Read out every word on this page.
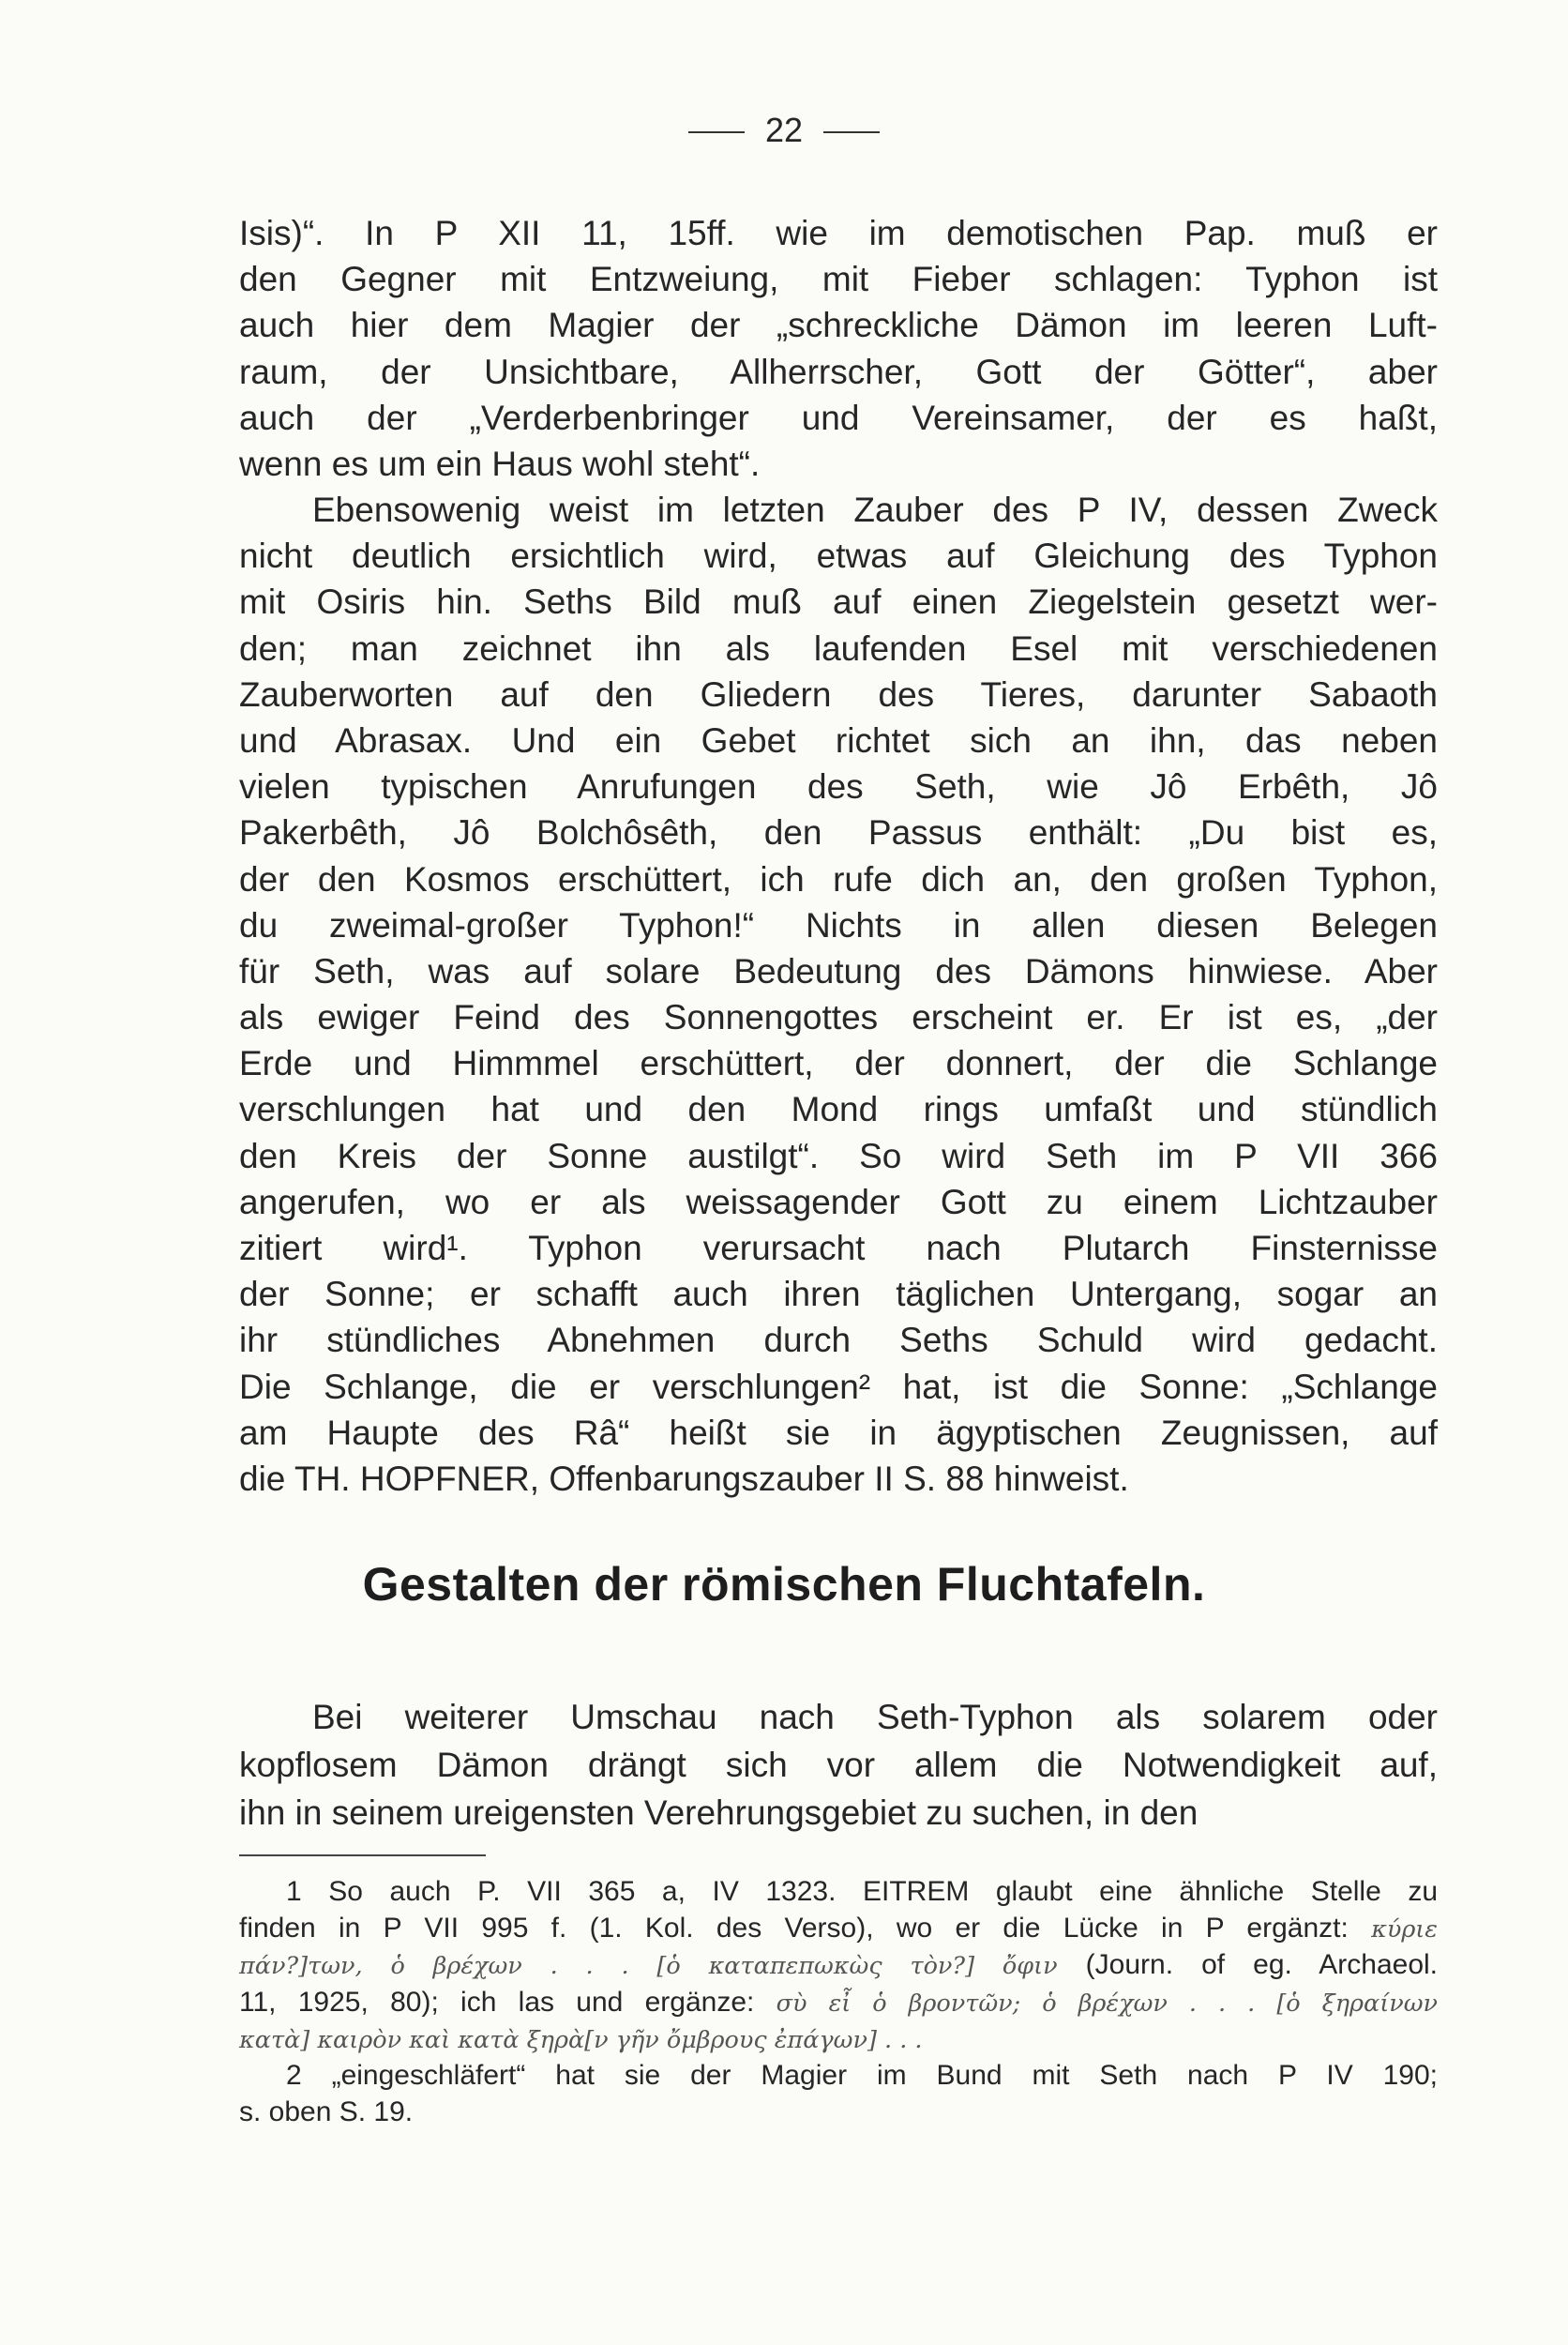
22
Isis)“. In P XII 11, 15ff. wie im demotischen Pap. muß er
den Gegner mit Entzweiung, mit Fieber schlagen: Typhon ist
auch hier dem Magier der „schreckliche Dämon im leeren Luft-
raum, der Unsichtbare, Allherrscher, Gott der Götter“, aber
auch der „Verderbenbringer und Vereinsamer, der es haßt,
wenn es um ein Haus wohl steht“.
Ebensowenig weist im letzten Zauber des P IV, dessen Zweck
nicht deutlich ersichtlich wird, etwas auf Gleichung des Typhon
mit Osiris hin. Seths Bild muß auf einen Ziegelstein gesetzt wer-
den; man zeichnet ihn als laufenden Esel mit verschiedenen
Zauberworten auf den Gliedern des Tieres, darunter Sabaoth
und Abrasax. Und ein Gebet richtet sich an ihn, das neben
vielen typischen Anrufungen des Seth, wie Jô Erbêth, Jô
Pakerbêth, Jô Bolchôsêth, den Passus enthält: „Du bist es,
der den Kosmos erschüttert, ich rufe dich an, den großen Typhon,
du zweimal-großer Typhon!“ Nichts in allen diesen Belegen
für Seth, was auf solare Bedeutung des Dämons hinwiese. Aber
als ewiger Feind des Sonnengottes erscheint er. Er ist es, „der
Erde und Himmmel erschüttert, der donnert, der die Schlange
verschlungen hat und den Mond rings umfaßt und stündlich
den Kreis der Sonne austilgt“. So wird Seth im P VII 366
angerufen, wo er als weissagender Gott zu einem Lichtzauber
zitiert wird¹. Typhon verursacht nach Plutarch Finsternisse
der Sonne; er schafft auch ihren täglichen Untergang, sogar an
ihr stündliches Abnehmen durch Seths Schuld wird gedacht.
Die Schlange, die er verschlungen² hat, ist die Sonne: „Schlange
am Haupte des Râ“ heißt sie in ägyptischen Zeugnissen, auf
die TH. HOPFNER, Offenbarungszauber II S. 88 hinweist.
Gestalten der römischen Fluchtafeln.
Bei weiterer Umschau nach Seth-Typhon als solarem oder
kopflosem Dämon drängt sich vor allem die Notwendigkeit auf,
ihn in seinem ureigensten Verehrungsgebiet zu suchen, in den
1 So auch P. VII 365 a, IV 1323. EITREM glaubt eine ähnliche Stelle zu
finden in P VII 995 f. (1. Kol. des Verso), wo er die Lücke in P ergänzt: κύριε
πάν?]των, ὁ βρέχων . . . [ὁ καταπεπωκὼς τὸν?] ὄφιν (Journ. of eg. Archaeol.
11, 1925, 80); ich las und ergänze: σὺ εἶ ὁ βροντῶν; ὁ βρέχων . . . [ὁ ξηραίνων
κατὰ] καιρὸν καὶ κατὰ ξηρὰ[ν γῆν ὄμβρους ἐπάγων] . . .
2 „eingeschläfert“ hat sie der Magier im Bund mit Seth nach P IV 190;
s. oben S. 19.
